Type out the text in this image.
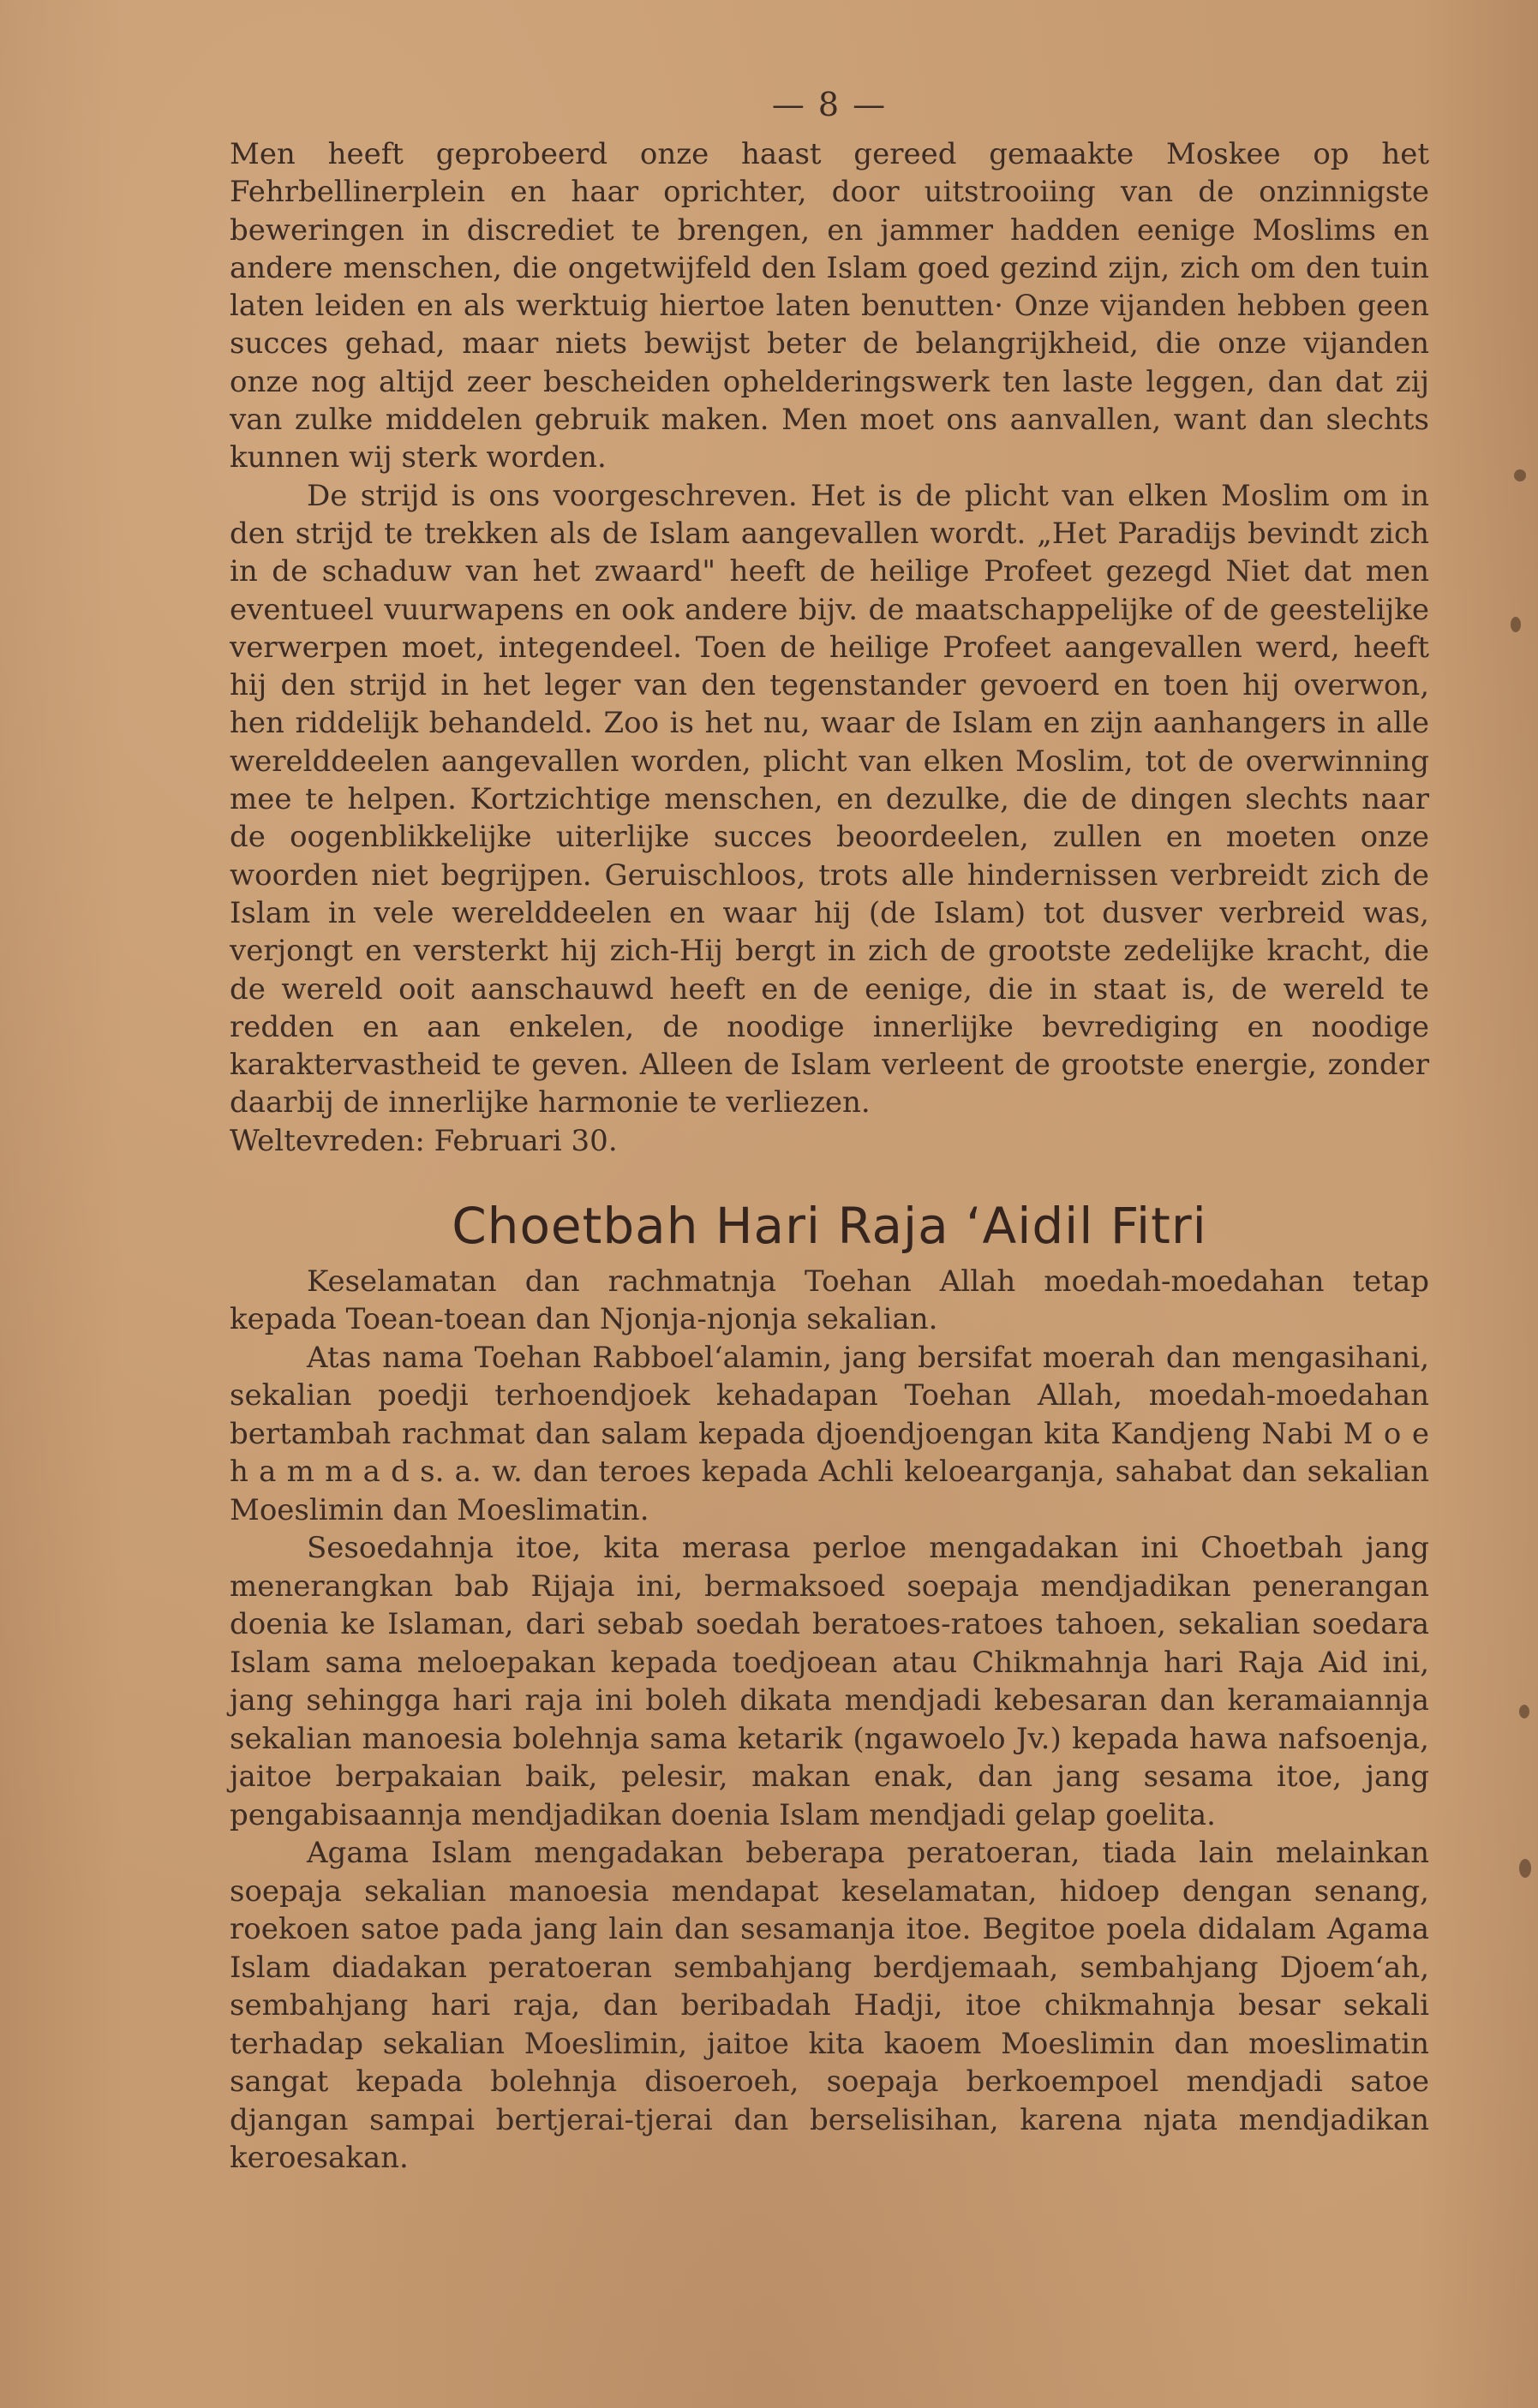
— 8 —

Men heeft geprobeerd onze haast gereed gemaakte Moskee op het Fehrbellinerplein en haar oprichter, door uitstrooiing van de onzinnigste beweringen in discrediet te brengen, en jammer hadden eenige Moslims en andere menschen, die ongetwijfeld den Islam goed gezind zijn, zich om den tuin laten leiden en als werktuig hiertoe laten benutten· Onze vijanden hebben geen succes gehad, maar niets bewijst beter de belangrijkheid, die onze vijanden onze nog altijd zeer bescheiden ophelderingswerk ten laste leggen, dan dat zij van zulke middelen gebruik maken. Men moet ons aanvallen, want dan slechts kunnen wij sterk worden.

De strijd is ons voorgeschreven. Het is de plicht van elken Moslim om in den strijd te trekken als de Islam aangevallen wordt. „Het Paradijs bevindt zich in de schaduw van het zwaard" heeft de heilige Profeet gezegd Niet dat men eventueel vuurwapens en ook andere bijv. de maatschappelijke of de geestelijke verwerpen moet, integendeel. Toen de heilige Profeet aangevallen werd, heeft hij den strijd in het leger van den tegenstander gevoerd en toen hij overwon, hen riddelijk behandeld. Zoo is het nu, waar de Islam en zijn aanhangers in alle werelddeelen aangevallen worden, plicht van elken Moslim, tot de overwinning mee te helpen. Kortzichtige menschen, en dezulke, die de dingen slechts naar de oogenblikkelijke uiterlijke succes beoordeelen, zullen en moeten onze woorden niet begrijpen. Geruischloos, trots alle hindernissen verbreidt zich de Islam in vele werelddeelen en waar hij (de Islam) tot dusver verbreid was, verjongt en versterkt hij zich-Hij bergt in zich de grootste zedelijke kracht, die de wereld ooit aanschauwd heeft en de eenige, die in staat is, de wereld te redden en aan enkelen, de noodige innerlijke bevrediging en noodige karaktervastheid te geven. Alleen de Islam verleent de grootste energie, zonder daarbij de innerlijke harmonie te verliezen.

Weltevreden: Februari 30.

Choetbah Hari Raja ‘Aidil Fitri

Keselamatan dan rachmatnja Toehan Allah moedah-moedahan tetap kepada Toean-toean dan Njonja-njonja sekalian.

Atas nama Toehan Rabboel‘alamin, jang bersifat moerah dan mengasihani, sekalian poedji terhoendjoek kehadapan Toehan Allah, moedah-moedahan bertambah rachmat dan salam kepada djoendjoengan kita Kandjeng Nabi M o e h a m m a d s. a. w. dan teroes kepada Achli keloearganja, sahabat dan sekalian Moeslimin dan Moeslimatin.

Sesoedahnja itoe, kita merasa perloe mengadakan ini Choetbah jang menerangkan bab Rijaja ini, bermaksoed soepaja mendjadikan penerangan doenia ke Islaman, dari sebab soedah beratoes-ratoes tahoen, sekalian soedara Islam sama meloepakan kepada toedjoean atau Chikmahnja hari Raja Aid ini, jang sehingga hari raja ini boleh dikata mendjadi kebesaran dan keramaiannja sekalian manoesia bolehnja sama ketarik (ngawoelo Jv.) kepada hawa nafsoenja, jaitoe berpakaian baik, pelesir, makan enak, dan jang sesama itoe, jang pengabisaannja mendjadikan doenia Islam mendjadi gelap goelita.

Agama Islam mengadakan beberapa peratoeran, tiada lain melainkan soepaja sekalian manoesia mendapat keselamatan, hidoep dengan senang, roekoen satoe pada jang lain dan sesamanja itoe. Begitoe poela didalam Agama Islam diadakan peratoeran sembahjang berdjemaah, sembahjang Djoem‘ah, sembahjang hari raja, dan beribadah Hadji, itoe chikmahnja besar sekali terhadap sekalian Moeslimin, jaitoe kita kaoem Moeslimin dan moeslimatin sangat kepada bolehnja disoeroeh, soepaja berkoempoel mendjadi satoe djangan sampai bertjerai-tjerai dan berselisihan, karena njata mendjadikan keroesakan.
